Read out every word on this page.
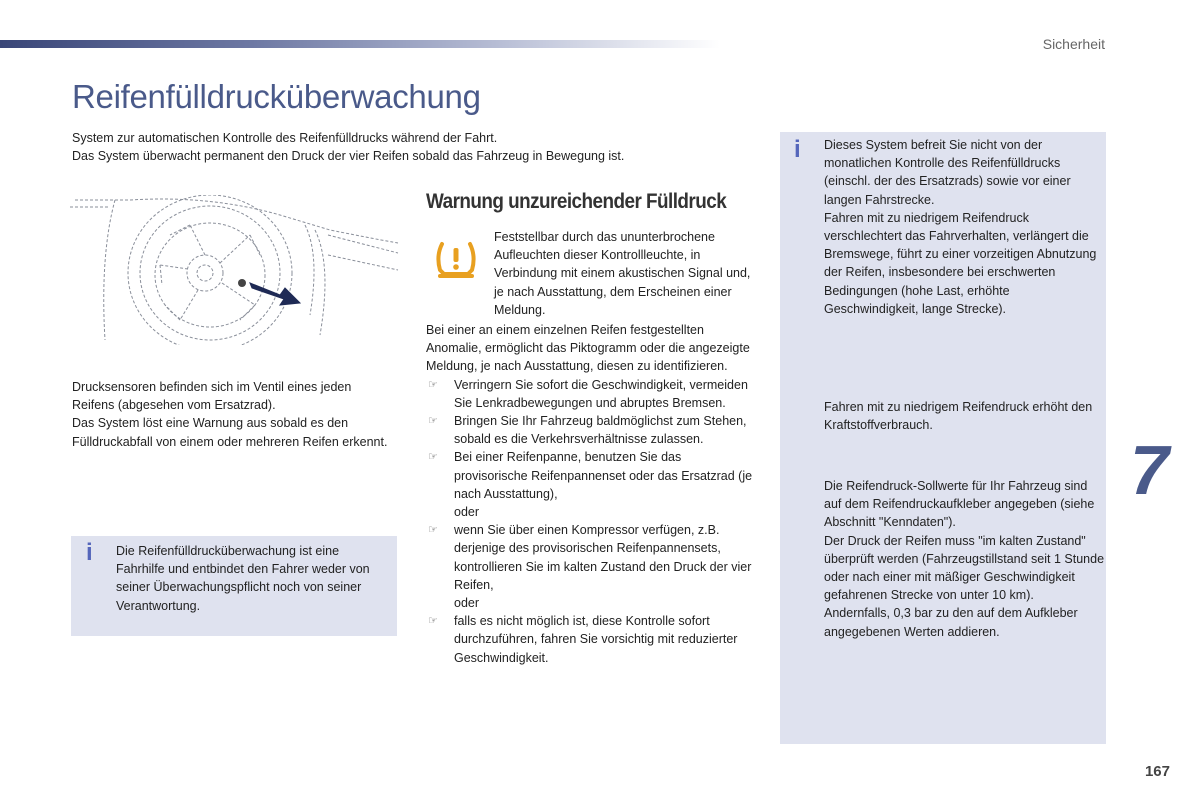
Sicherheit
Reifenfülldrucküberwachung

System zur automatischen Kontrolle des Reifenfülldrucks während der Fahrt.

Das System überwacht permanent den Druck der vier Reifen sobald das Fahrzeug in Bewegung ist.

Drucksensoren befinden sich im Ventil eines jeden Reifens (abgesehen vom Ersatzrad).

Das System löst eine Warnung aus sobald es den Fülldruckabfall von einem oder mehreren Reifen erkennt.

i Die Reifenfülldrucküberwachung ist eine Fahrhilfe und entbindet den Fahrer weder von seiner Überwachungspflicht noch von seiner Verantwortung.
Warnung unzureichender Fülldruck
Feststellbar durch das ununterbrochene Aufleuchten dieser Kontrollleuchte, in Verbindung mit einem akustischen Signal und, je nach Ausstattung, dem Erscheinen einer Meldung.

Bei einer an einem einzelnen Reifen festgestellten Anomalie, ermöglicht das Piktogramm oder die angezeigte Meldung, je nach Ausstattung, diesen zu identifizieren.

☞ Verringern Sie sofort die Geschwindigkeit, vermeiden Sie Lenkradbewegungen und abruptes Bremsen.

☞ Bringen Sie Ihr Fahrzeug baldmöglichst zum Stehen, sobald es die Verkehrsverhältnisse zulassen.

☞ Bei einer Reifenpanne, benutzen Sie das provisorische Reifenpannenset oder das Ersatzrad (je nach Ausstattung),

oder

☞ wenn Sie über einen Kompressor verfügen, z.B. derjenige des provisorischen Reifenpannensets, kontrollieren Sie im kalten Zustand den Druck der vier Reifen,

oder

☞ falls es nicht möglich ist, diese Kontrolle sofort durchzuführen, fahren Sie vorsichtig mit reduzierter Geschwindigkeit.

i Dieses System befreit Sie nicht von der monatlichen Kontrolle des Reifenfülldrucks (einschl. der des Ersatzrads) sowie vor einer langen Fahrstrecke.
Fahren mit zu niedrigem Reifendruck verschlechtert das Fahrverhalten, verlängert die Bremswege, führt zu einer vorzeitigen Abnutzung der Reifen, insbesondere bei erschwerten Bedingungen (hohe Last, erhöhte Geschwindigkeit, lange Strecke).
Fahren mit zu niedrigem Reifendruck erhöht den Kraftstoffverbrauch.
Die Reifendruck-Sollwerte für Ihr Fahrzeug sind auf dem Reifendruckaufkleber angegeben (siehe Abschnitt "Kenndaten").
Der Druck der Reifen muss "im kalten Zustand" überprüft werden (Fahrzeugstillstand seit 1 Stunde oder nach einer mit mäßiger Geschwindigkeit gefahrenen Strecke von unter 10 km).
Andernfalls, 0,3 bar zu den auf dem Aufkleber angegebenen Werten addieren.
7
167
